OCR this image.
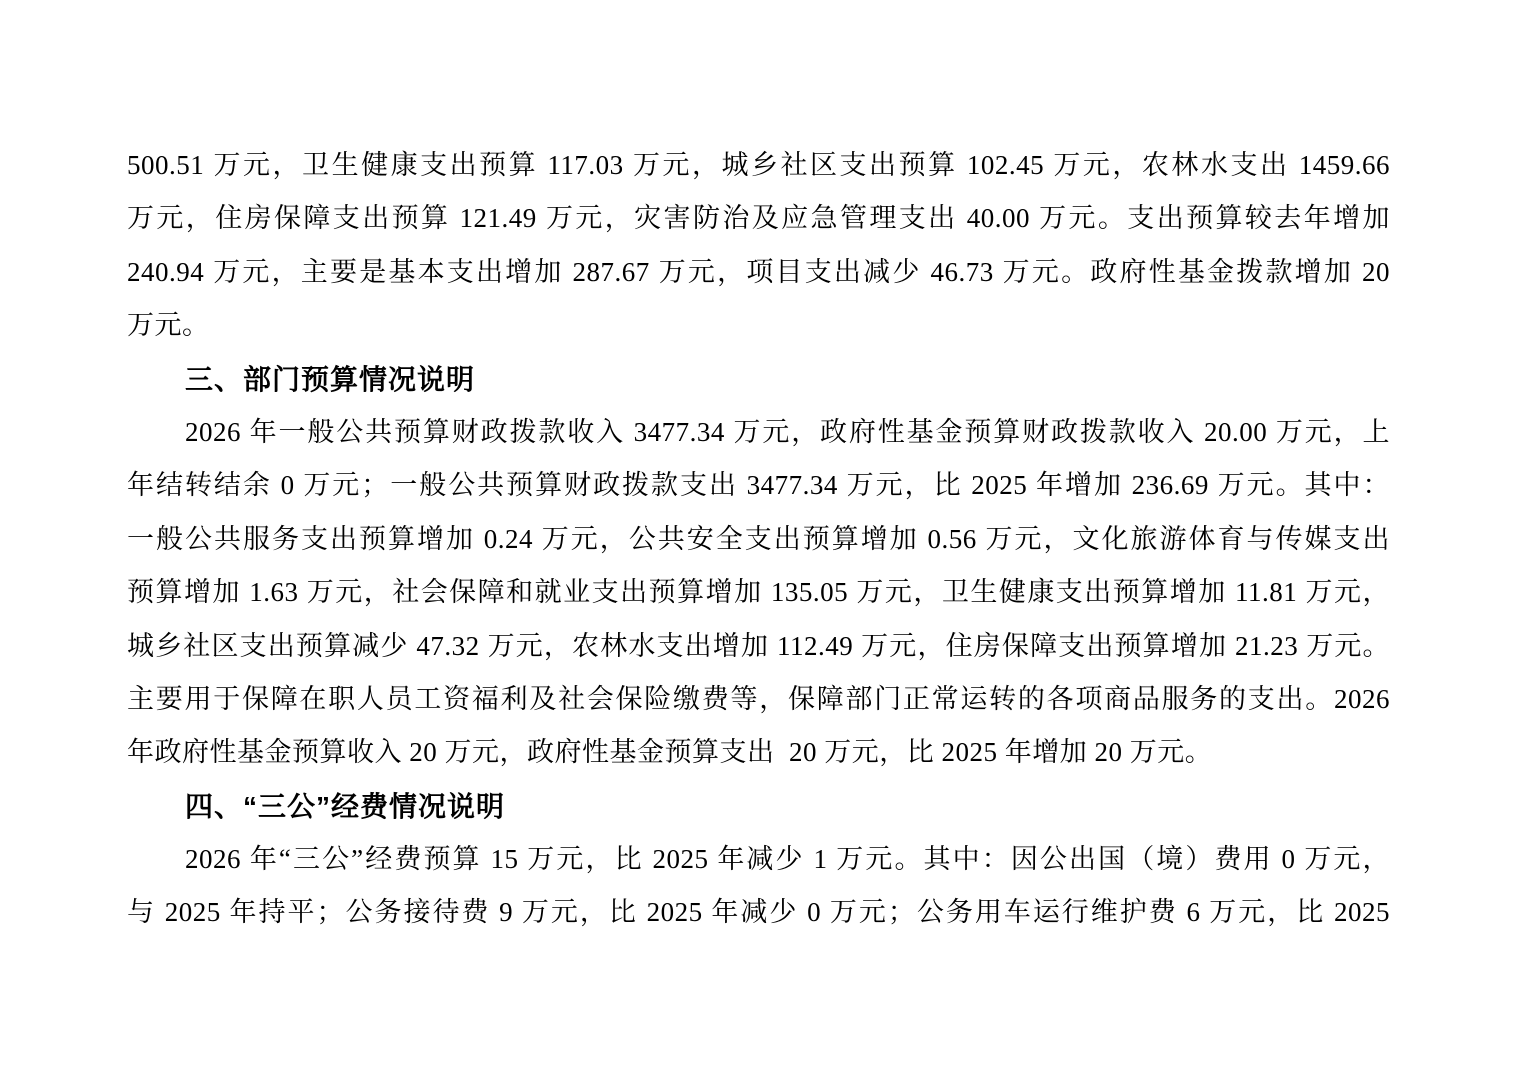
500.51 万元，卫生健康支出预算 117.03 万元，城乡社区支出预算 102.45 万元，农林水支出 1459.66
万元，住房保障支出预算 121.49 万元，灾害防治及应急管理支出 40.00 万元。支出预算较去年增加
240.94 万元，主要是基本支出增加 287.67 万元，项目支出减少 46.73 万元。政府性基金拨款增加 20
万元。
三、部门预算情况说明
2026 年一般公共预算财政拨款收入 3477.34 万元，政府性基金预算财政拨款收入 20.00 万元，上
年结转结余 0 万元；一般公共预算财政拨款支出 3477.34 万元，比 2025 年增加 236.69 万元。其中：
一般公共服务支出预算增加 0.24 万元，公共安全支出预算增加 0.56 万元，文化旅游体育与传媒支出
预算增加 1.63 万元，社会保障和就业支出预算增加 135.05 万元，卫生健康支出预算增加 11.81 万元，
城乡社区支出预算减少 47.32 万元，农林水支出增加 112.49 万元，住房保障支出预算增加 21.23 万元。
主要用于保障在职人员工资福利及社会保险缴费等，保障部门正常运转的各项商品服务的支出。2026
年政府性基金预算收入 20 万元，政府性基金预算支出  20 万元，比 2025 年增加 20 万元。
四、“三公”经费情况说明
2026 年“三公”经费预算 15 万元，比 2025 年减少 1 万元。其中：因公出国（境）费用 0 万元，
与 2025 年持平；公务接待费 9 万元，比 2025 年减少 0 万元；公务用车运行维护费 6 万元，比 2025
